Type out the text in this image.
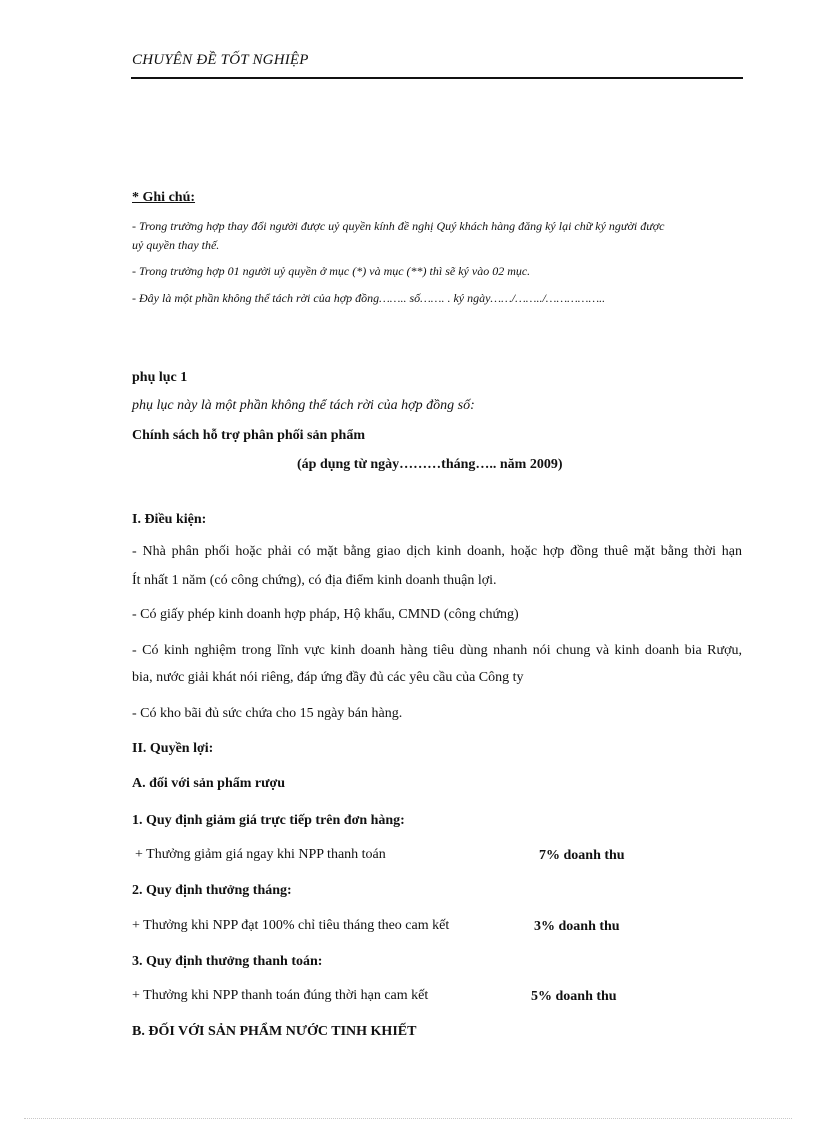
CHUYÊN ĐỀ TỐT NGHIỆP
* Ghi chú:
- Trong trường hợp thay đổi người được uỷ quyền kính đề nghị Quý khách hàng đăng ký lại chữ ký người được
uỷ quyền thay thế.
- Trong trường hợp 01 người uỷ quyền ở mục (*) và mục (**) thì sẽ ký vào 02 mục.
- Đây là một phần không thể tách rời của hợp đồng…….. số……. . ký ngày……/……../……………..
phụ lục 1
phụ lục này là một phần không thể tách rời của hợp đồng số:
Chính sách hỗ trợ phân phối sản phẩm
(áp dụng từ ngày………tháng….. năm 2009)
I. Điều kiện:
- Nhà phân phối hoặc phải có mặt bằng giao dịch kinh doanh, hoặc hợp đồng thuê mặt bằng thời hạn
Ít nhất 1 năm (có công chứng), có địa điểm kinh doanh thuận lợi.
- Có giấy phép kinh doanh hợp pháp, Hộ khẩu, CMND (công chứng)
- Có kinh nghiệm trong lĩnh vực kinh doanh hàng tiêu dùng nhanh nói chung và kinh doanh bia Rượu,
bia, nước giải khát nói riêng, đáp ứng đầy đủ các yêu cầu của Công ty
- Có kho bãi đủ sức chứa cho 15 ngày bán hàng.
II. Quyền lợi:
A. đối với sản phẩm rượu
1. Quy định giảm giá trực tiếp trên đơn hàng:
+ Thưởng giảm giá ngay khi NPP thanh toán	7% doanh thu
2. Quy định thưởng tháng:
+ Thưởng khi NPP đạt 100% chỉ tiêu tháng theo cam kết	3% doanh thu
3. Quy định thưởng thanh toán:
+ Thưởng khi NPP thanh toán đúng thời hạn cam kết	5% doanh thu
B. ĐỐI VỚI SẢN PHẨM NƯỚC TINH KHIẾT
